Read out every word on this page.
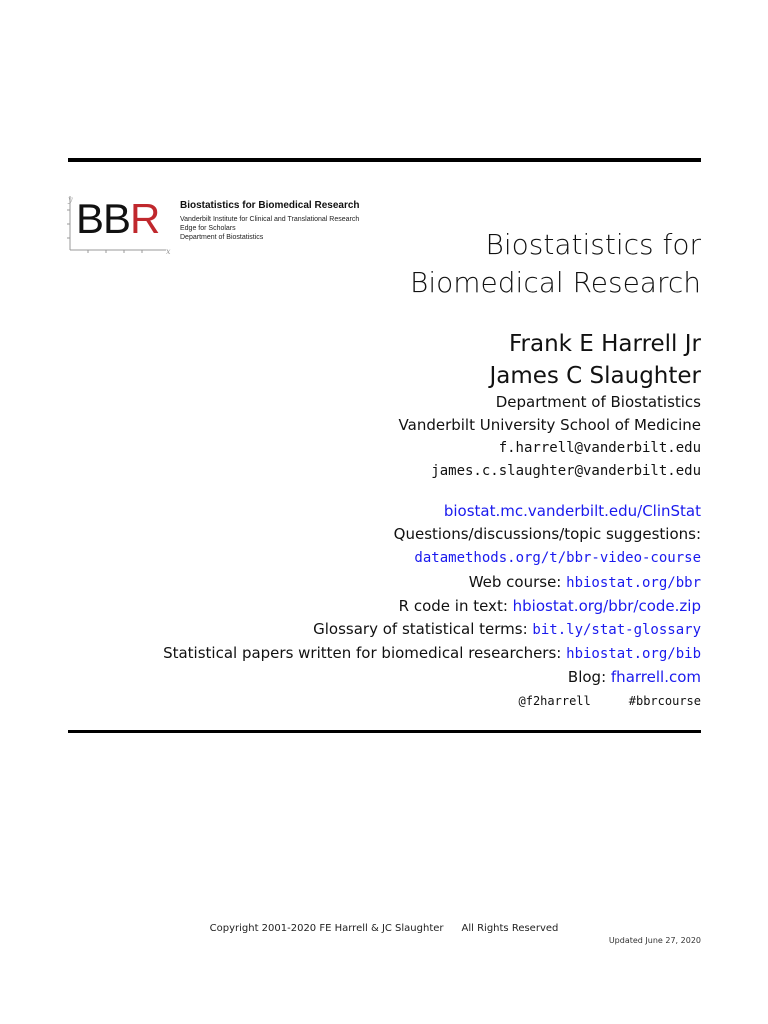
y
x
BBR Biostatistics for Biomedical Research
Vanderbilt Institute for Clinical and Translational Research
Edge for Scholars
Department of Biostatistics	Biostatistics for
Biomedical Research
Frank E Harrell Jr
James C Slaughter
Department of Biostatistics
Vanderbilt University School of Medicine
f.harrell@vanderbilt.edu
james.c.slaughter@vanderbilt.edu
biostat.mc.vanderbilt.edu/ClinStat
Questions/discussions/topic suggestions:
datamethods.org/t/bbr-video-course
Web course: hbiostat.org/bbr
R code in text: hbiostat.org/bbr/code.zip
Glossary of statistical terms: bit.ly/stat-glossary
Statistical papers written for biomedical researchers: hbiostat.org/bib
Blog: fharrell.com
@f2harrell	#bbrcourse
Copyright 2001-2020 FE Harrell & JC Slaughter All Rights Reserved
Updated June 27, 2020
